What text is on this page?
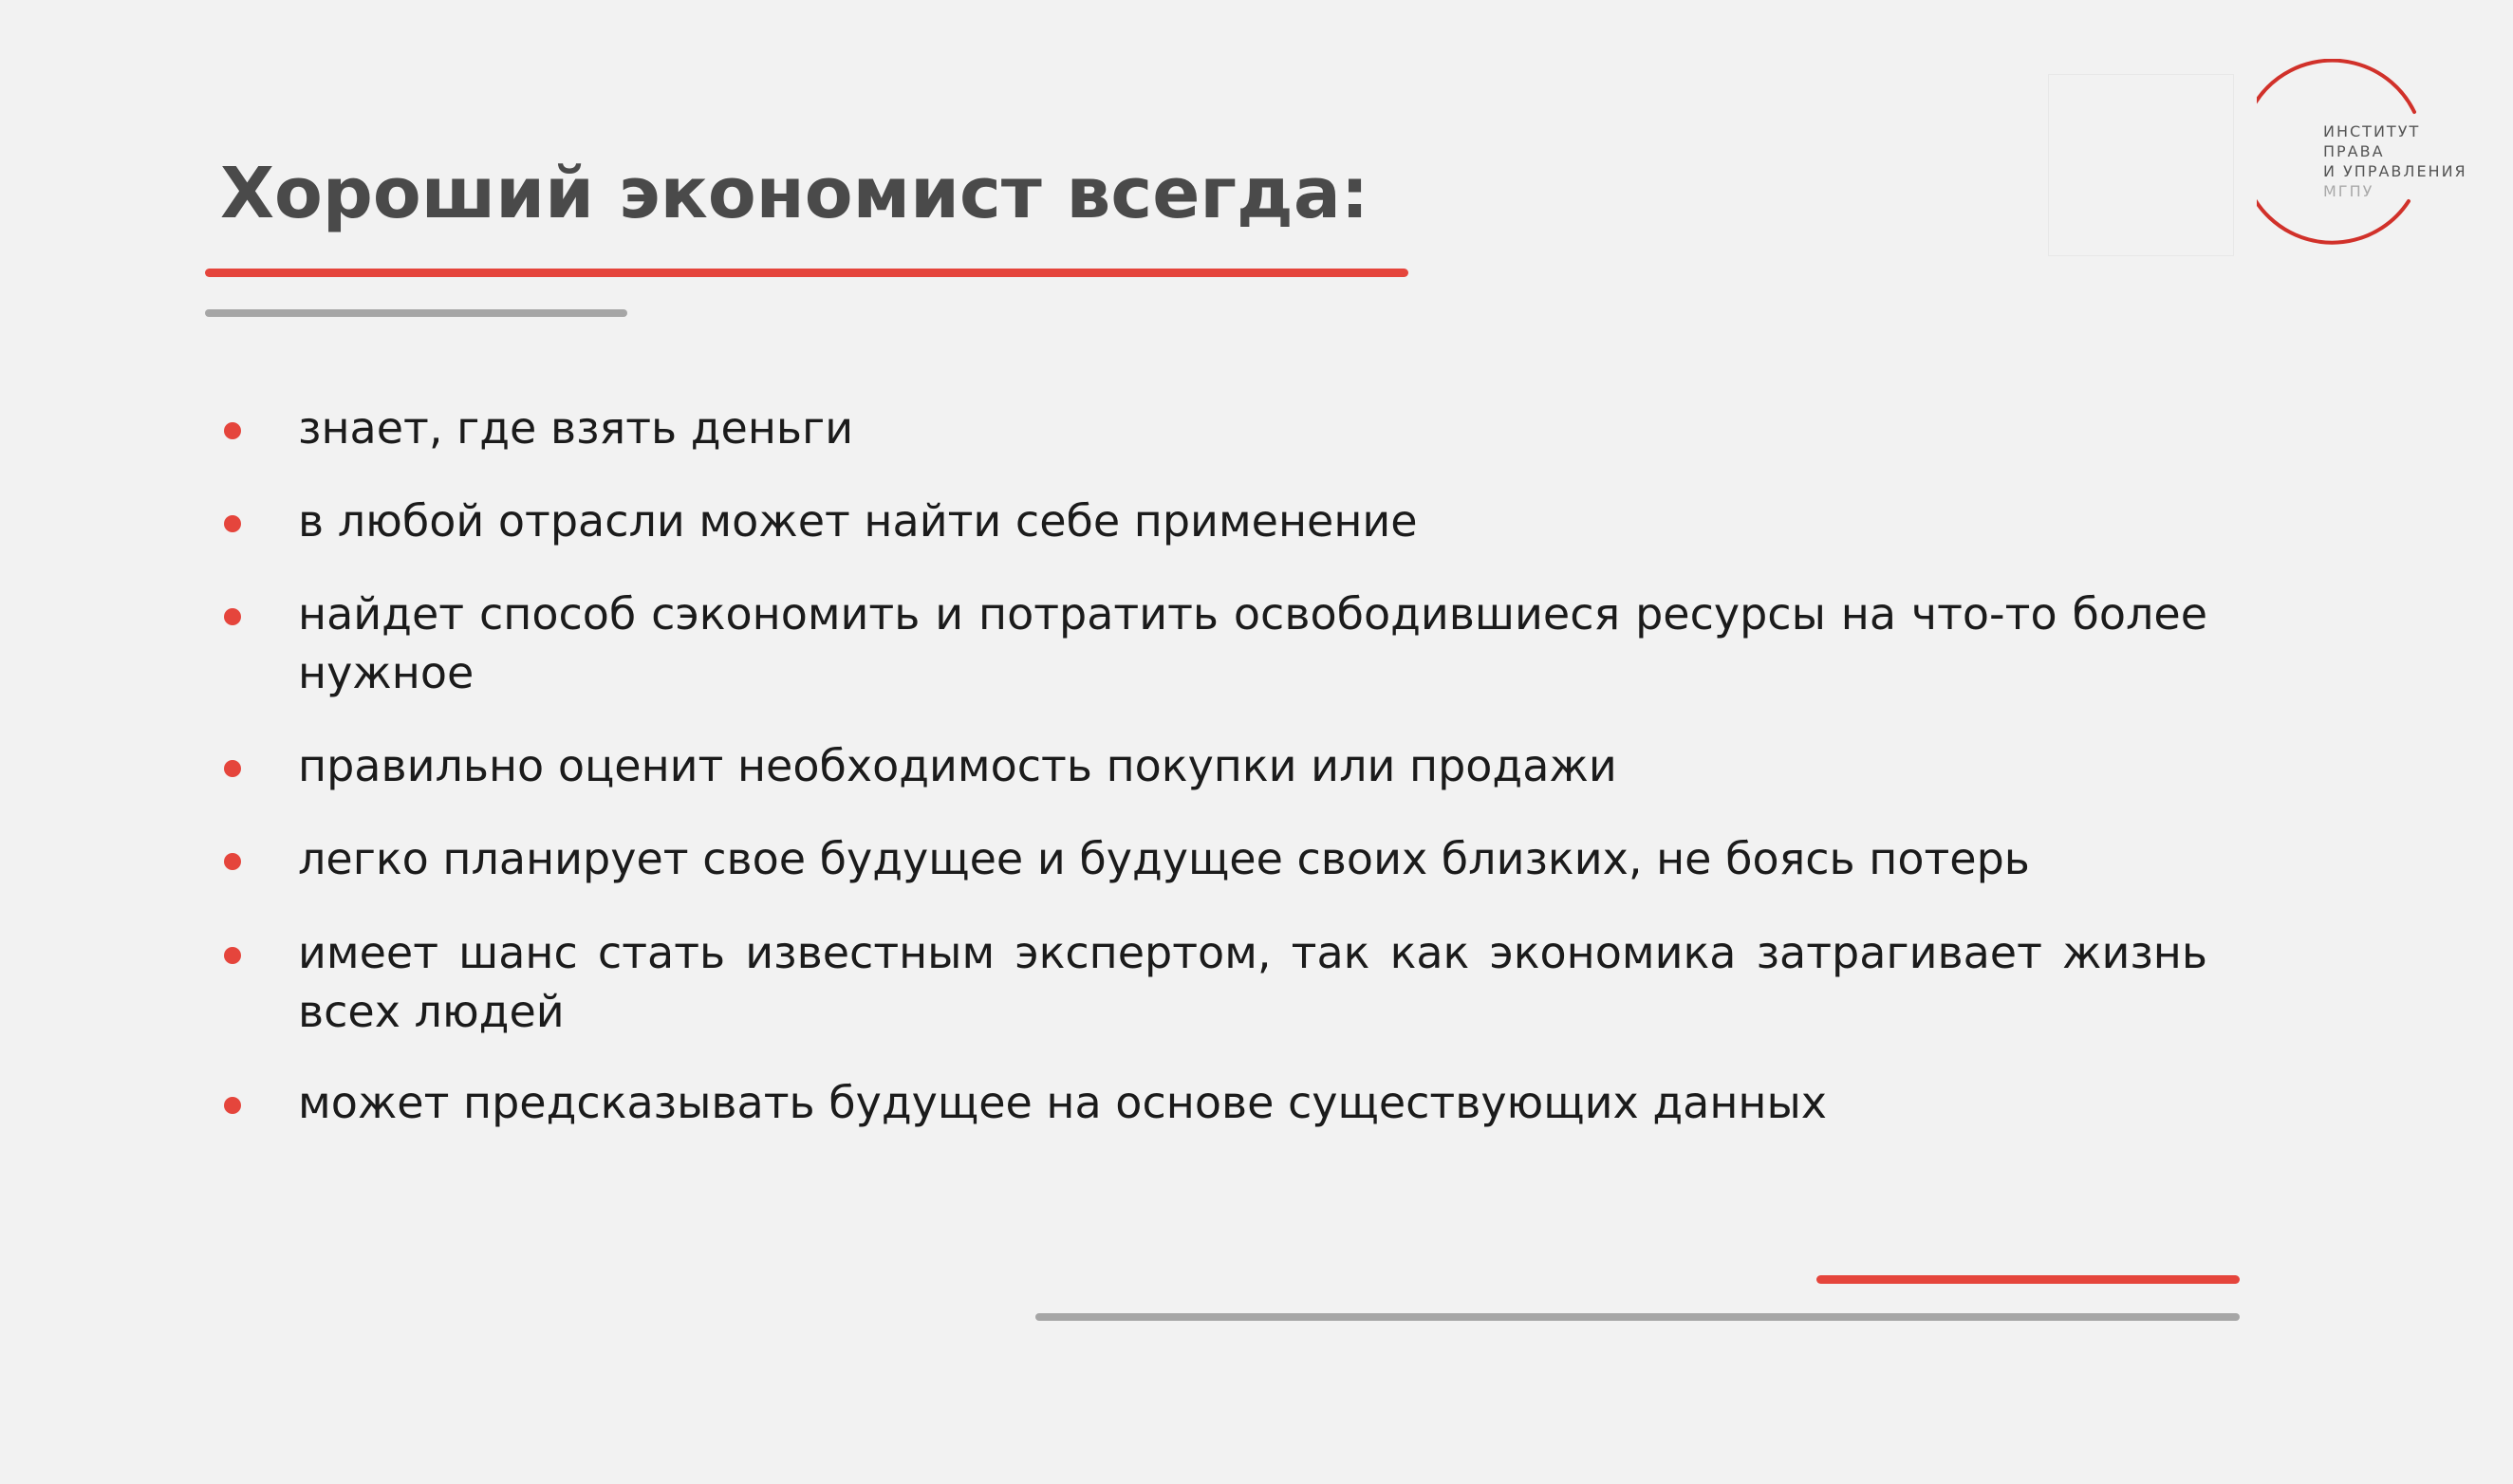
Хороший экономист всегда:
ИНСТИТУТ
ПРАВА
И УПРАВЛЕНИЯ
МГПУ

знает, где взять деньги

в любой отрасли может найти себе применение

найдет способ сэкономить и потратить освободившиеся ресурсы на что-то более нужное

правильно оценит необходимость покупки или продажи

легко планирует свое будущее и будущее своих близких, не боясь потерь

имеет шанс стать известным экспертом, так как экономика затрагивает жизнь всех людей

может предсказывать будущее на основе существующих данных
